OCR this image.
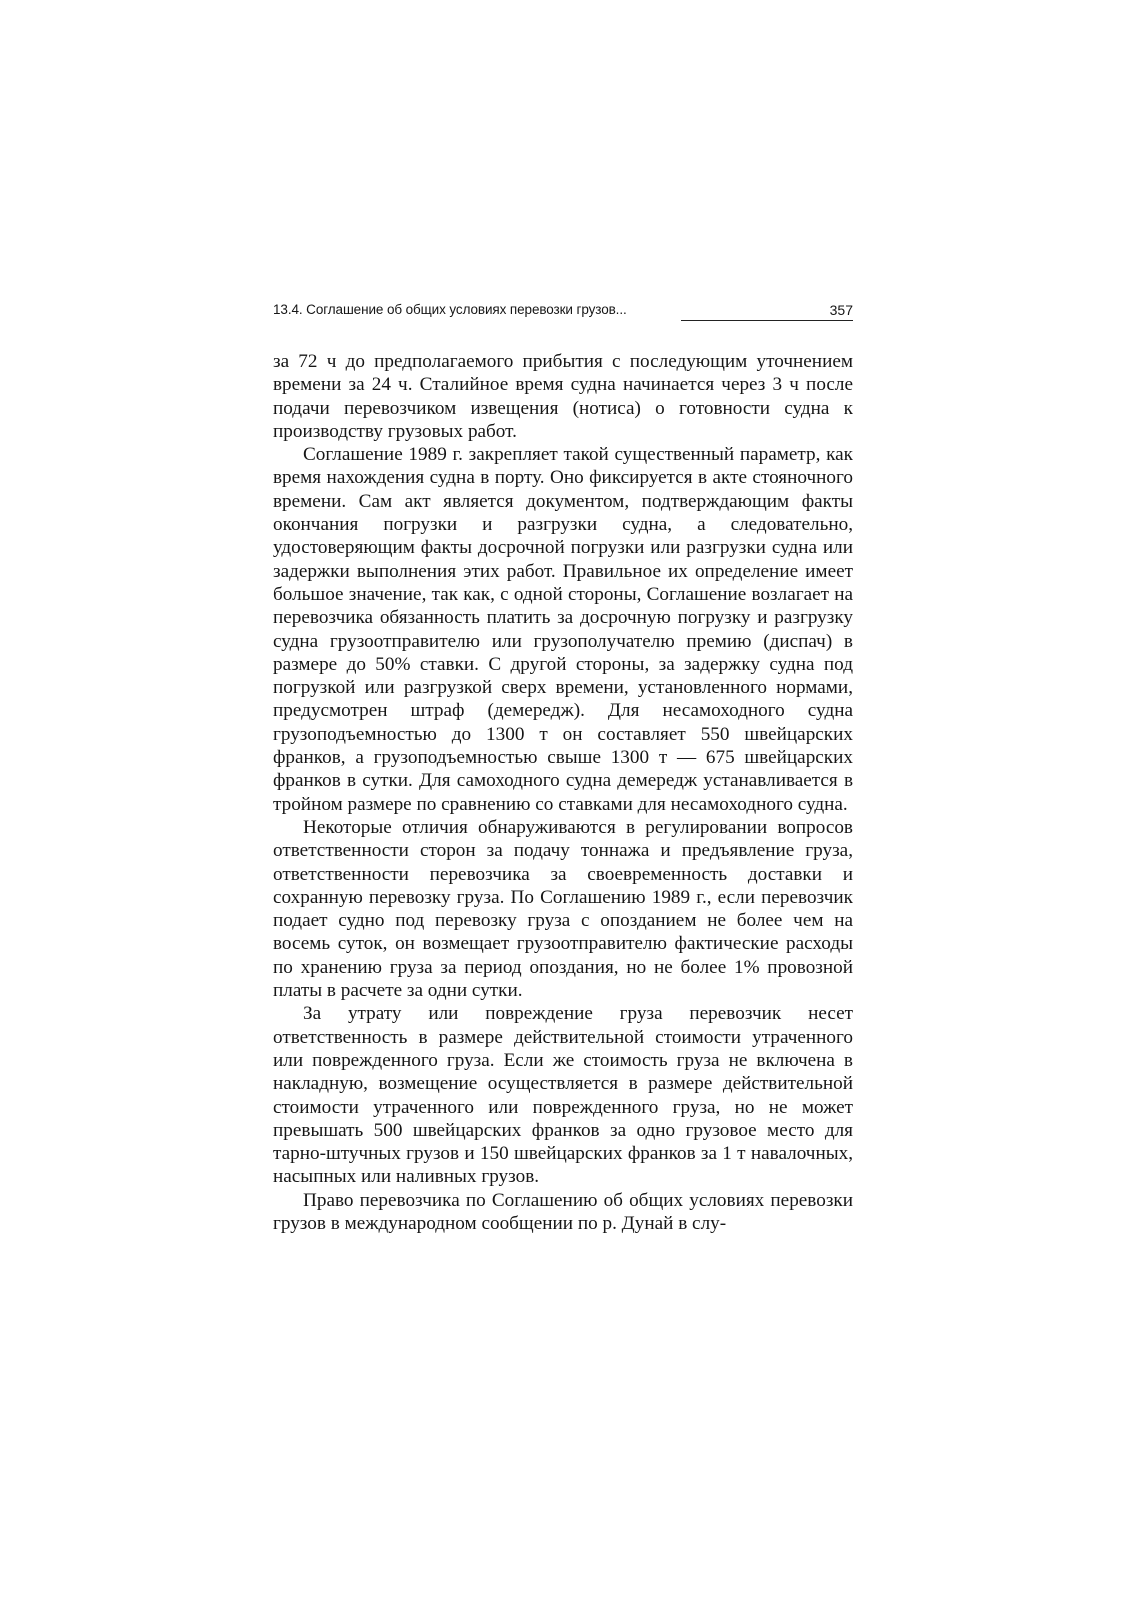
13.4. Соглашение об общих условиях перевозки грузов...	357

за 72 ч до предполагаемого прибытия с последующим уточнением времени за 24 ч. Сталийное время судна начинается через 3 ч после подачи перевозчиком извещения (нотиса) о готовности судна к производству грузовых работ.

Соглашение 1989 г. закрепляет такой существенный параметр, как время нахождения судна в порту. Оно фиксируется в акте стояночного времени. Сам акт является документом, подтверждающим факты окончания погрузки и разгрузки судна, а следовательно, удостоверяющим факты досрочной погрузки или разгрузки судна или задержки выполнения этих работ. Правильное их определение имеет большое значение, так как, с одной стороны, Соглашение возлагает на перевозчика обязанность платить за досрочную погрузку и разгрузку судна грузоотправителю или грузополучателю премию (диспач) в размере до 50% ставки. С другой стороны, за задержку судна под погрузкой или разгрузкой сверх времени, установленного нормами, предусмотрен штраф (демередж). Для несамоходного судна грузоподъемностью до 1300 т он составляет 550 швейцарских франков, а грузоподъемностью свыше 1300 т — 675 швейцарских франков в сутки. Для самоходного судна демередж устанавливается в тройном размере по сравнению со ставками для несамоходного судна.

Некоторые отличия обнаруживаются в регулировании вопросов ответственности сторон за подачу тоннажа и предъявление груза, ответственности перевозчика за своевременность доставки и сохранную перевозку груза. По Соглашению 1989 г., если перевозчик подает судно под перевозку груза с опозданием не более чем на восемь суток, он возмещает грузоотправителю фактические расходы по хранению груза за период опоздания, но не более 1% провозной платы в расчете за одни сутки.

За утрату или повреждение груза перевозчик несет ответственность в размере действительной стоимости утраченного или поврежденного груза. Если же стоимость груза не включена в накладную, возмещение осуществляется в размере действительной стоимости утраченного или поврежденного груза, но не может превышать 500 швейцарских франков за одно грузовое место для тарно-штучных грузов и 150 швейцарских франков за 1 т навалочных, насыпных или наливных грузов.

Право перевозчика по Соглашению об общих условиях перевозки грузов в международном сообщении по р. Дунай в слу-
